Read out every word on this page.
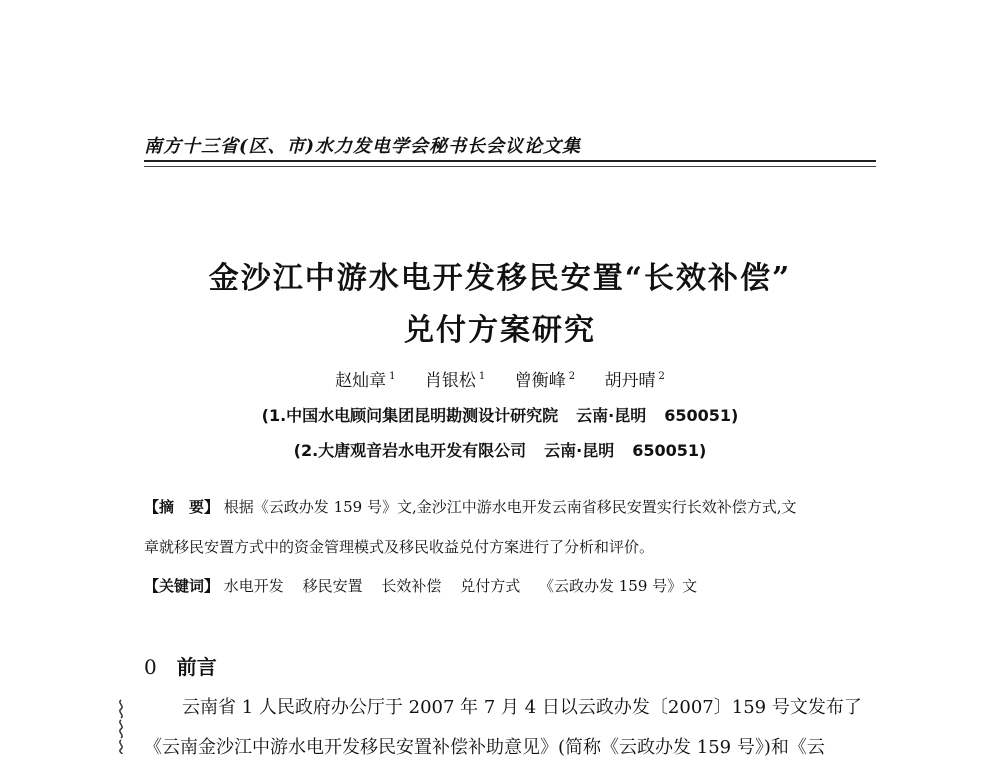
南方十三省(区、市)水力发电学会秘书长会议论文集
金沙江中游水电开发移民安置“长效补偿”
兑付方案研究
赵灿章 $^1$ 肖银松 $^1$ 曾衡峰 $^2$ 胡丹晴 $^2$
(1.中国水电顾问集团昆明勘测设计研究院 云南·昆明 650051)
(2.大唐观音岩水电开发有限公司 云南·昆明 650051)
【摘　要】 根据《云政办发 159 号》文,金沙江中游水电开发云南省移民安置实行长效补偿方式,文
章就移民安置方式中的资金管理模式及移民收益兑付方案进行了分析和评价。
【关键词】 水电开发 移民安置 长效补偿 兑付方式 《云政办发 159 号》文
0 前言
云南省 1 人民政府办公厅于 2007 年 7 月 4 日以云政办发〔2007〕159 号文发布了
《云南金沙江中游水电开发移民安置补偿补助意见》(简称《云政办发 159 号》)和《云
